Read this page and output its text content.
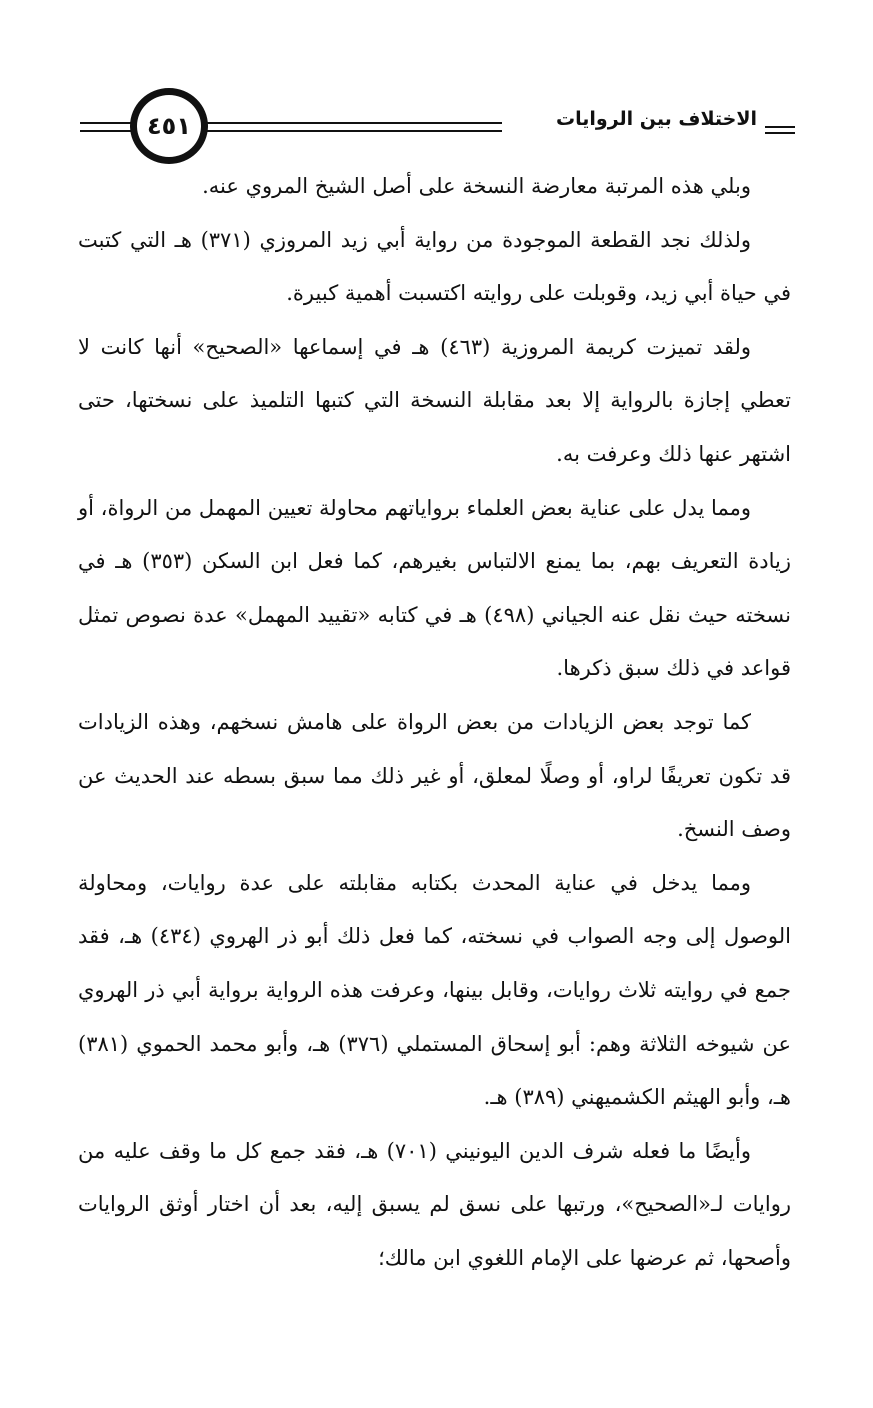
٤٥١	الاختلاف بين الروايات

وبلي هذه المرتبة معارضة النسخة على أصل الشيخ المروي عنه.

ولذلك نجد القطعة الموجودة من رواية أبي زيد المروزي (٣٧١) هـ التي كتبت في حياة أبي زيد، وقوبلت على روايته اكتسبت أهمية كبيرة.

ولقد تميزت كريمة المروزية (٤٦٣) هـ في إسماعها «الصحيح» أنها كانت لا تعطي إجازة بالرواية إلا بعد مقابلة النسخة التي كتبها التلميذ على نسختها، حتى اشتهر عنها ذلك وعرفت به.

ومما يدل على عناية بعض العلماء برواياتهم محاولة تعيين المهمل من الرواة، أو زيادة التعريف بهم، بما يمنع الالتباس بغيرهم، كما فعل ابن السكن (٣٥٣) هـ في نسخته حيث نقل عنه الجياني (٤٩٨) هـ في كتابه «تقييد المهمل» عدة نصوص تمثل قواعد في ذلك سبق ذكرها.

كما توجد بعض الزيادات من بعض الرواة على هامش نسخهم، وهذه الزيادات قد تكون تعريفًا لراو، أو وصلًا لمعلق، أو غير ذلك مما سبق بسطه عند الحديث عن وصف النسخ.

ومما يدخل في عناية المحدث بكتابه مقابلته على عدة روايات، ومحاولة الوصول إلى وجه الصواب في نسخته، كما فعل ذلك أبو ذر الهروي (٤٣٤) هـ، فقد جمع في روايته ثلاث روايات، وقابل بينها، وعرفت هذه الرواية برواية أبي ذر الهروي عن شيوخه الثلاثة وهم: أبو إسحاق المستملي (٣٧٦) هـ، وأبو محمد الحموي (٣٨١) هـ، وأبو الهيثم الكشميهني (٣٨٩) هـ.

وأيضًا ما فعله شرف الدين اليونيني (٧٠١) هـ، فقد جمع كل ما وقف عليه من روايات لـ«الصحيح»، ورتبها على نسق لم يسبق إليه، بعد أن اختار أوثق الروايات وأصحها، ثم عرضها على الإمام اللغوي ابن مالك؛
